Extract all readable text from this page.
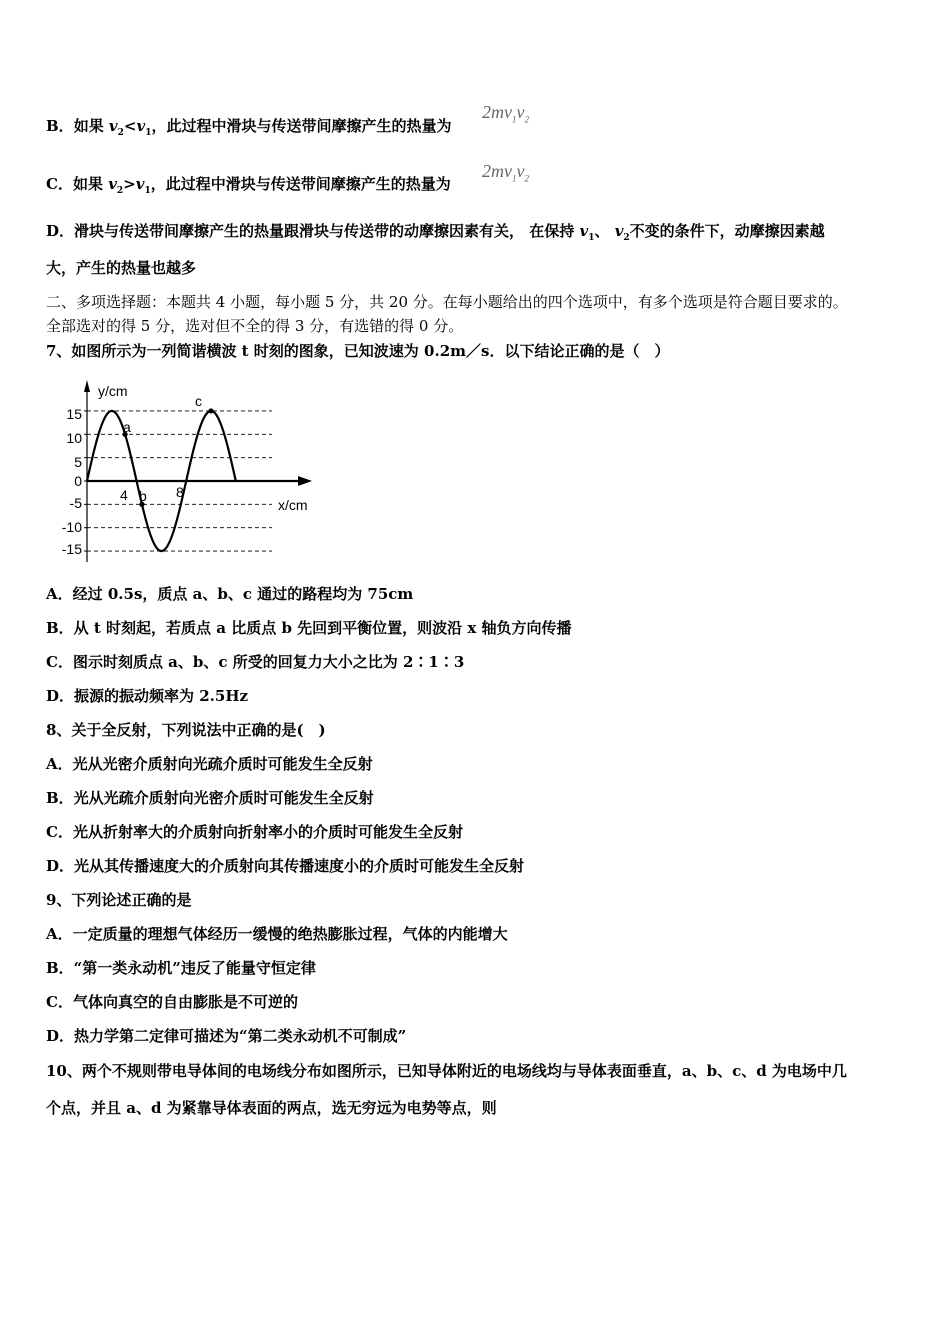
B．如果 $v_2<v_1$，此过程中滑块与传送带间摩擦产生的热量为
$2mv_1v_2$
C．如果 $v_2>v_1$，此过程中滑块与传送带间摩擦产生的热量为
$2mv_1v_2$
D．滑块与传送带间摩擦产生的热量跟滑块与传送带的动摩擦因素有关， 在保持 $v_1$、 $v_2$不变的条件下，动摩擦因素越
大，产生的热量也越多
二、多项选择题：本题共 4 小题，每小题 5 分，共 20 分。在每小题给出的四个选项中，有多个选项是符合题目要求的。
全部选对的得 5 分，选对但不全的得 3 分，有选错的得 0 分。
7、如图所示为一列简谐横波 t 时刻的图象，已知波速为 0.2m／s．以下结论正确的是（　）
y/cm
x/cm
15
10
5
0
-5
-10
-15
4	8
a
b
c
A．经过 0.5s，质点 a、b、c 通过的路程均为 75cm
B．从 t 时刻起，若质点 a 比质点 b 先回到平衡位置，则波沿 x 轴负方向传播
C．图示时刻质点 a、b、c 所受的回复力大小之比为 2∶1∶3
D．振源的振动频率为 2.5Hz
8、关于全反射，下列说法中正确的是(　)
A．光从光密介质射向光疏介质时可能发生全反射
B．光从光疏介质射向光密介质时可能发生全反射
C．光从折射率大的介质射向折射率小的介质时可能发生全反射
D．光从其传播速度大的介质射向其传播速度小的介质时可能发生全反射
9、下列论述正确的是
A．一定质量的理想气体经历一缓慢的绝热膨胀过程，气体的内能增大
B．“第一类永动机”违反了能量守恒定律
C．气体向真空的自由膨胀是不可逆的
D．热力学第二定律可描述为“第二类永动机不可制成”
10、两个不规则带电导体间的电场线分布如图所示，已知导体附近的电场线均与导体表面垂直，a、b、c、d 为电场中几
个点，并且 a、d 为紧靠导体表面的两点，选无穷远为电势等点，则
